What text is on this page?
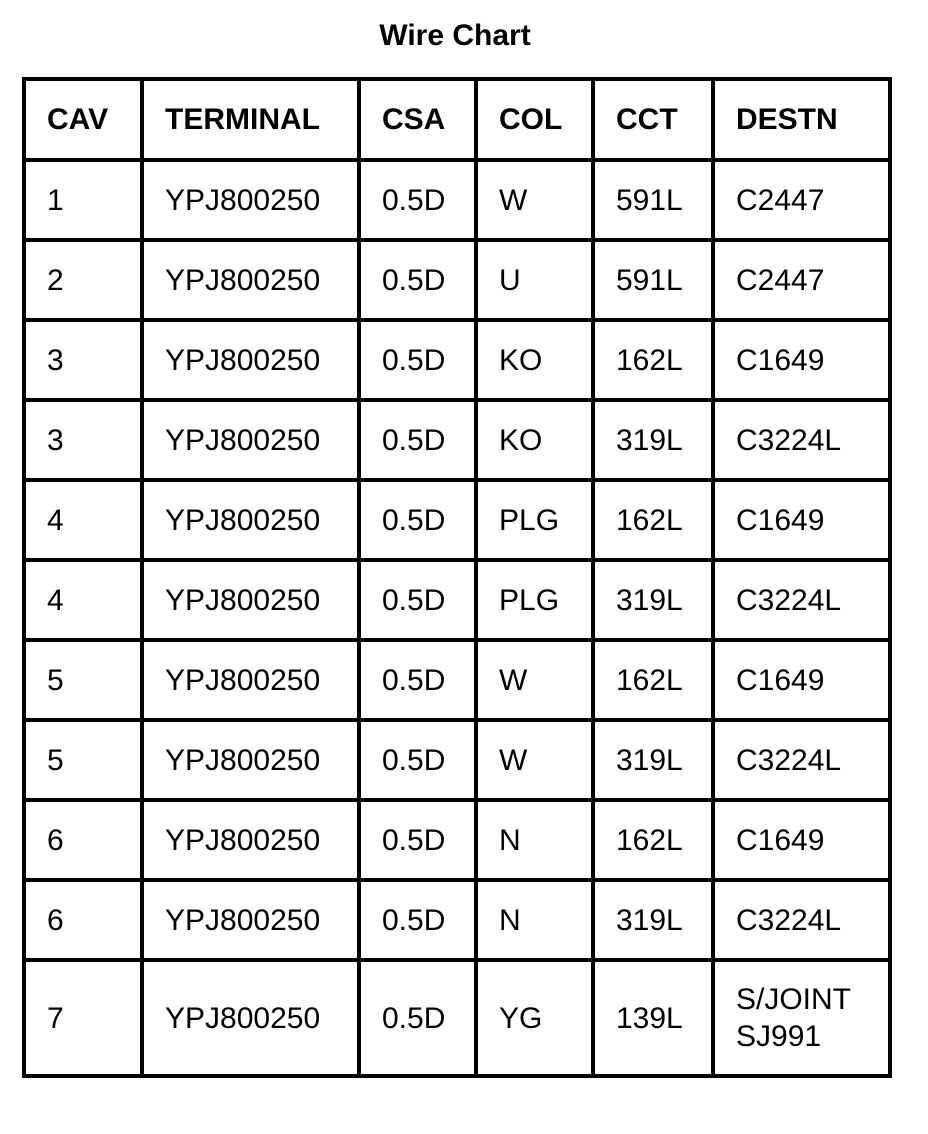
Wire Chart
CAV	TERMINAL	CSA	COL	CCT	DESTN
1	YPJ800250	0.5D	W	591L	C2447
2	YPJ800250	0.5D	U	591L	C2447
3	YPJ800250	0.5D	KO	162L	C1649
3	YPJ800250	0.5D	KO	319L	C3224L
4	YPJ800250	0.5D	PLG	162L	C1649
4	YPJ800250	0.5D	PLG	319L	C3224L
5	YPJ800250	0.5D	W	162L	C1649
5	YPJ800250	0.5D	W	319L	C3224L
6	YPJ800250	0.5D	N	162L	C1649
6	YPJ800250	0.5D	N	319L	C3224L
7	YPJ800250	0.5D	YG	139L	S/JOINT
SJ991
